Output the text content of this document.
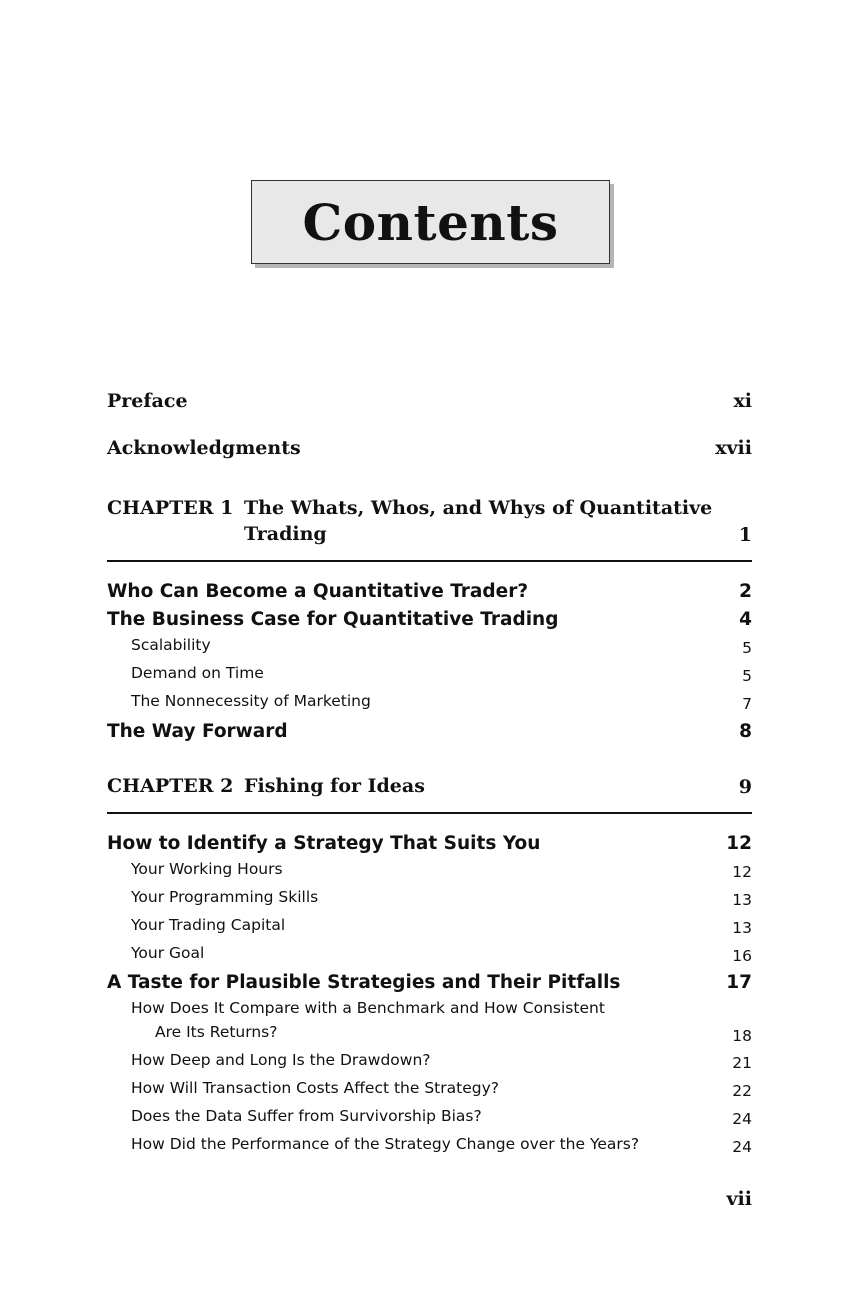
Contents
Preface	xi
Acknowledgments	xvii
CHAPTER 1 The Whats, Whos, and Whys of Quantitative
Trading	1
Who Can Become a Quantitative Trader?	2
The Business Case for Quantitative Trading	4
Scalability	5
Demand on Time	5
The Nonnecessity of Marketing	7
The Way Forward	8
CHAPTER 2 Fishing for Ideas	9
How to Identify a Strategy That Suits You	12
Your Working Hours	12
Your Programming Skills	13
Your Trading Capital	13
Your Goal	16
A Taste for Plausible Strategies and Their Pitfalls	17
How Does It Compare with a Benchmark and How Consistent
Are Its Returns?	18
How Deep and Long Is the Drawdown?	21
How Will Transaction Costs Affect the Strategy?	22
Does the Data Suffer from Survivorship Bias?	24
How Did the Performance of the Strategy Change over the Years?	24
vii
